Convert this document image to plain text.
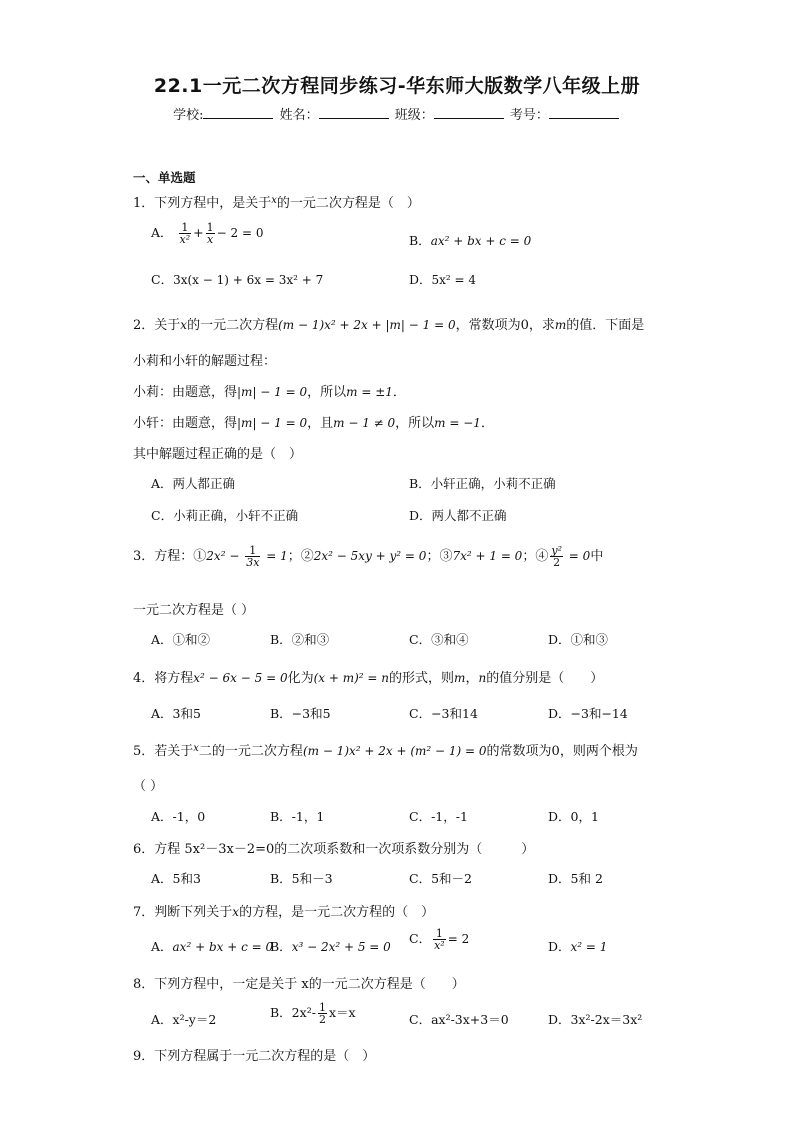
22.1一元二次方程同步练习-华东师大版数学八年级上册
学校:	姓名：	班级：	考号：
一、单选题
1．下列方程中，是关于$^x$的一元二次方程是（　）
A． $\frac{1}{\text{x²}} + \frac{1}{x} - 2 = 0$	B．ax² + bx + c = 0
C．3x(x − 1) + 6x = 3x² + 7	D．5x² = 4
2．关于x的一元二次方程(m − 1)x² + 2x + |m| − 1 = 0，常数项为0，求m的值．下面是
小莉和小轩的解题过程：
小莉：由题意，得|m| − 1 = 0，所以m = ±1．
小轩：由题意，得|m| − 1 = 0，且m − 1 ≠ 0，所以m = −1．
其中解题过程正确的是（　）
A．两人都正确	B．小轩正确，小莉不正确
C．小莉正确，小轩不正确	D．两人都不正确
3．方程：①2x² − $\frac{1}{3x} = 1$；②2x² − 5xy + y² = 0；③7x² + 1 = 0；④ $\frac{\text{y²}}{2} = 0$中
一元二次方程是（ ）
A．①和②	B．②和③	C．③和④	D．①和③
4．将方程x² − 6x − 5 = 0化为(x + m)² = n的形式，则m，n的值分别是（　　）
A．3和5	B．−3和5	C．−3和14	D．−3和−14
5．若关于$^x$二的一元二次方程(m − 1)x² + 2x + (m² − 1) = 0的常数项为0，则两个根为
（ ）
A．-1，0	B．-1，1	C．-1，-1	D．0，1
6．方程 5x²－3x－2=0的二次项系数和一次项系数分别为（　　　）
A．5和3	B．5和－3	C．5和－2	D．5和 2
7．判断下列关于x的方程，是一元二次方程的（　）
A．ax² + bx + c = 0
B．x³ − 2x² + 5 = 0
C． $\frac{1}{\text{x²}} = 2$	D．x² = 1
8．下列方程中，一定是关于 x的一元二次方程是（　　）
A．x²-y＝2	B．$2x^2- \frac{1}{2} x=x$	C．ax²-3x+3＝0	D．3x²-2x＝3x²
9．下列方程属于一元二次方程的是（　）
